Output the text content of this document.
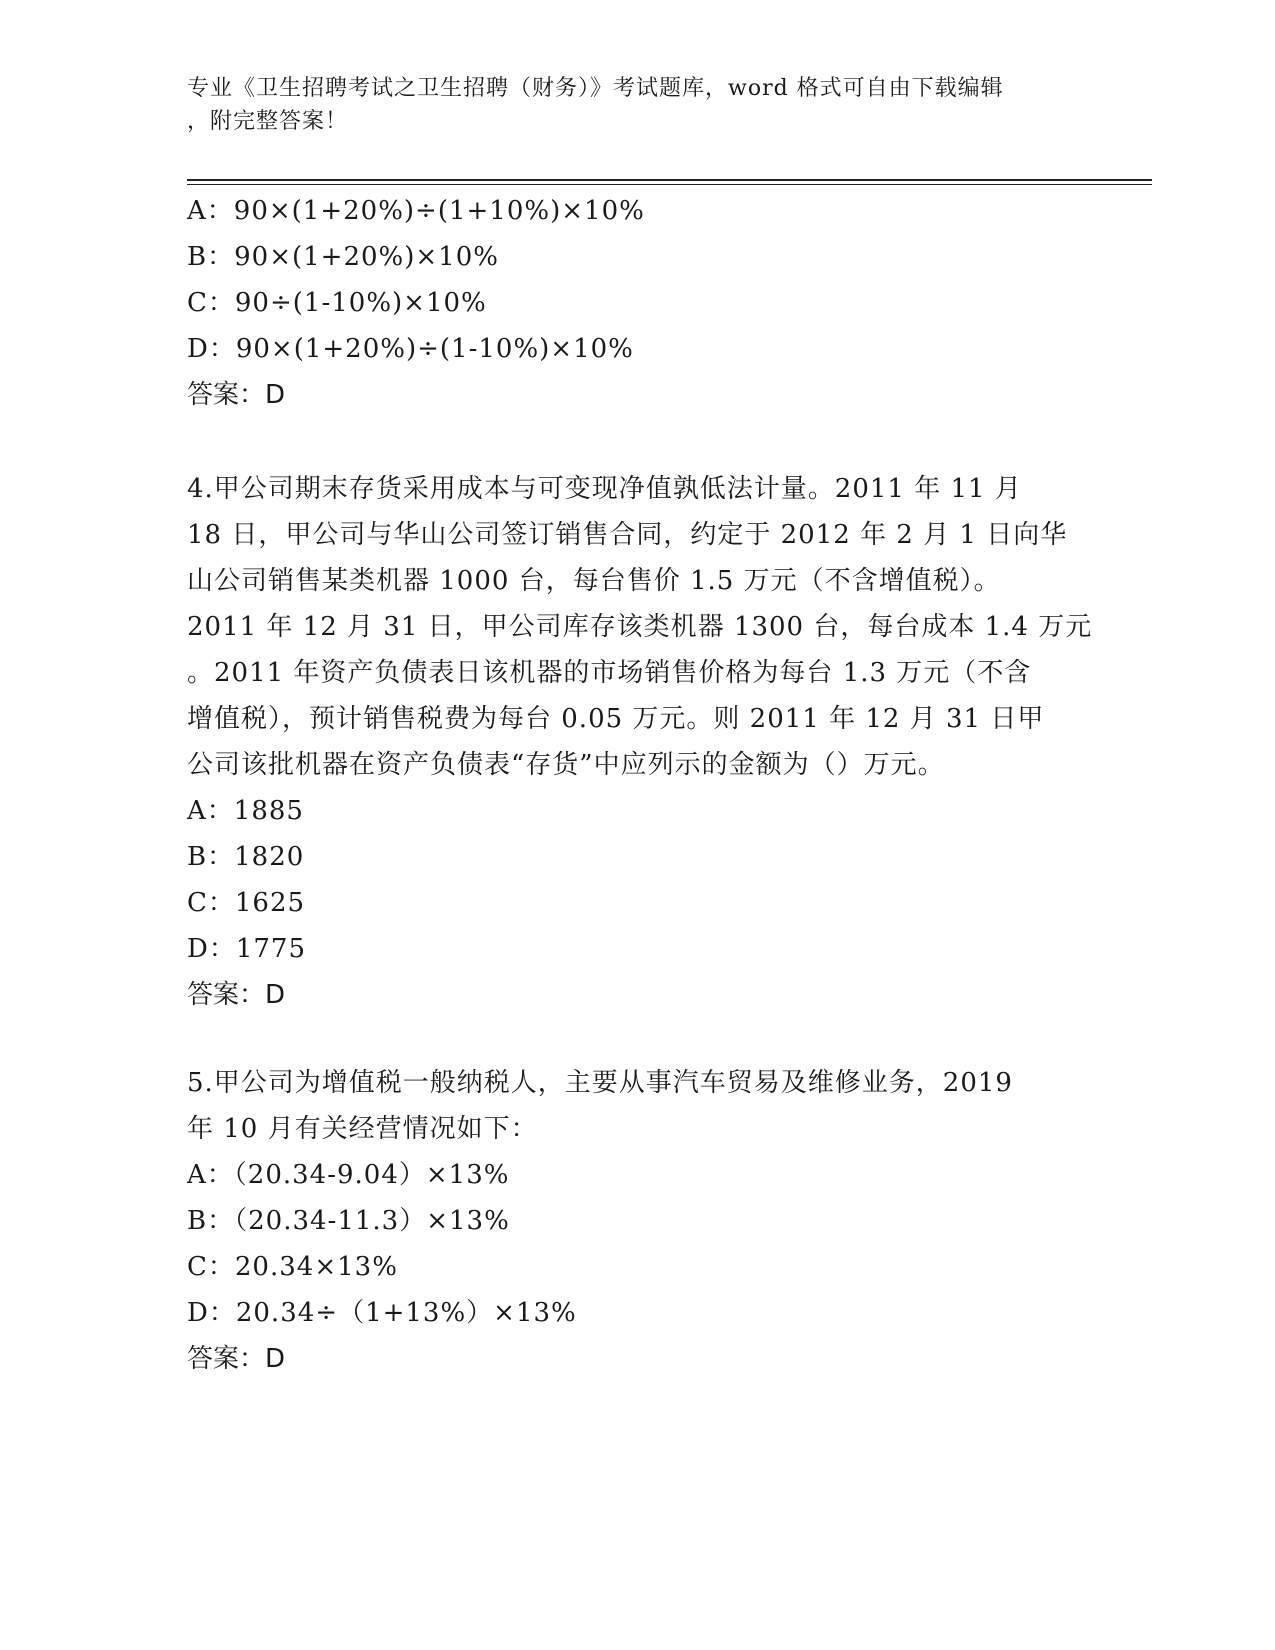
专业《卫生招聘考试之卫生招聘（财务）》考试题库，word 格式可自由下载编辑
，附完整答案！
A：90×(1+20%)÷(1+10%)×10%
B：90×(1+20%)×10%
C：90÷(1-10%)×10%
D：90×(1+20%)÷(1-10%)×10%
答案：D
4.甲公司期末存货采用成本与可变现净值孰低法计量。2011 年 11 月
18 日，甲公司与华山公司签订销售合同，约定于 2012 年 2 月 1 日向华
山公司销售某类机器 1000 台，每台售价 1.5 万元（不含增值税）。
2011 年 12 月 31 日，甲公司库存该类机器 1300 台，每台成本 1.4 万元
。2011 年资产负债表日该机器的市场销售价格为每台 1.3 万元（不含
增值税），预计销售税费为每台 0.05 万元。则 2011 年 12 月 31 日甲
公司该批机器在资产负债表“存货”中应列示的金额为（）万元。
A：1885
B：1820
C：1625
D：1775
答案：D
5.甲公司为增值税一般纳税人，主要从事汽车贸易及维修业务，2019
年 10 月有关经营情况如下：
A：（20.34-9.04）×13%
B：（20.34-11.3）×13%
C：20.34×13%
D：20.34÷（1+13%）×13%
答案：D
